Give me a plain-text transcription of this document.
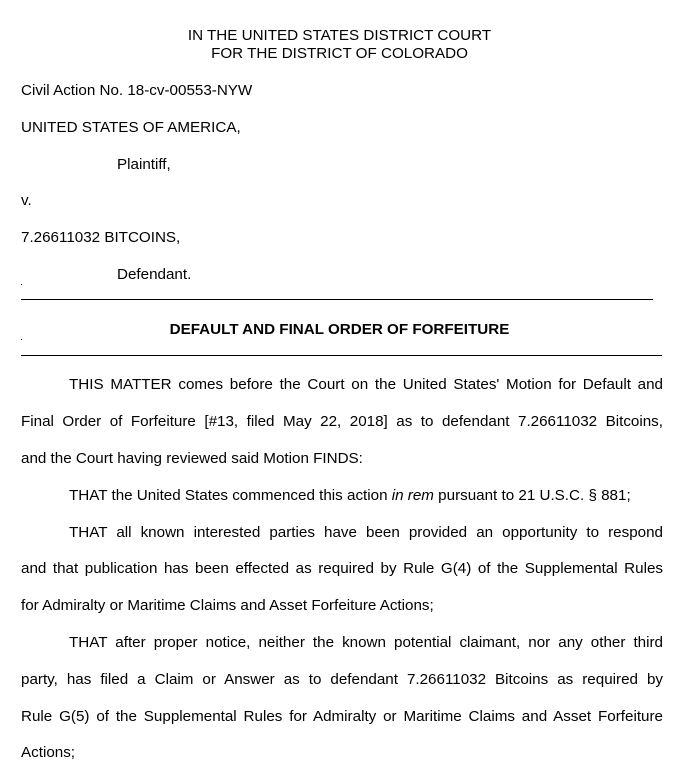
IN THE UNITED STATES DISTRICT COURT
FOR THE DISTRICT OF COLORADO
Civil Action No. 18-cv-00553-NYW
UNITED STATES OF AMERICA,
Plaintiff,
v.
7.26611032 BITCOINS,
Defendant.
DEFAULT AND FINAL ORDER OF FORFEITURE
THIS MATTER comes before the Court on the United States' Motion for Default and
Final Order of Forfeiture [#13, filed May 22, 2018] as to defendant 7.26611032 Bitcoins,
and the Court having reviewed said Motion FINDS:
THAT the United States commenced this action in rem pursuant to 21 U.S.C. § 881;
THAT all known interested parties have been provided an opportunity to respond
and that publication has been effected as required by Rule G(4) of the Supplemental Rules
for Admiralty or Maritime Claims and Asset Forfeiture Actions;
THAT after proper notice, neither the known potential claimant, nor any other third
party, has filed a Claim or Answer as to defendant 7.26611032 Bitcoins as required by
Rule G(5) of the Supplemental Rules for Admiralty or Maritime Claims and Asset Forfeiture
Actions;
